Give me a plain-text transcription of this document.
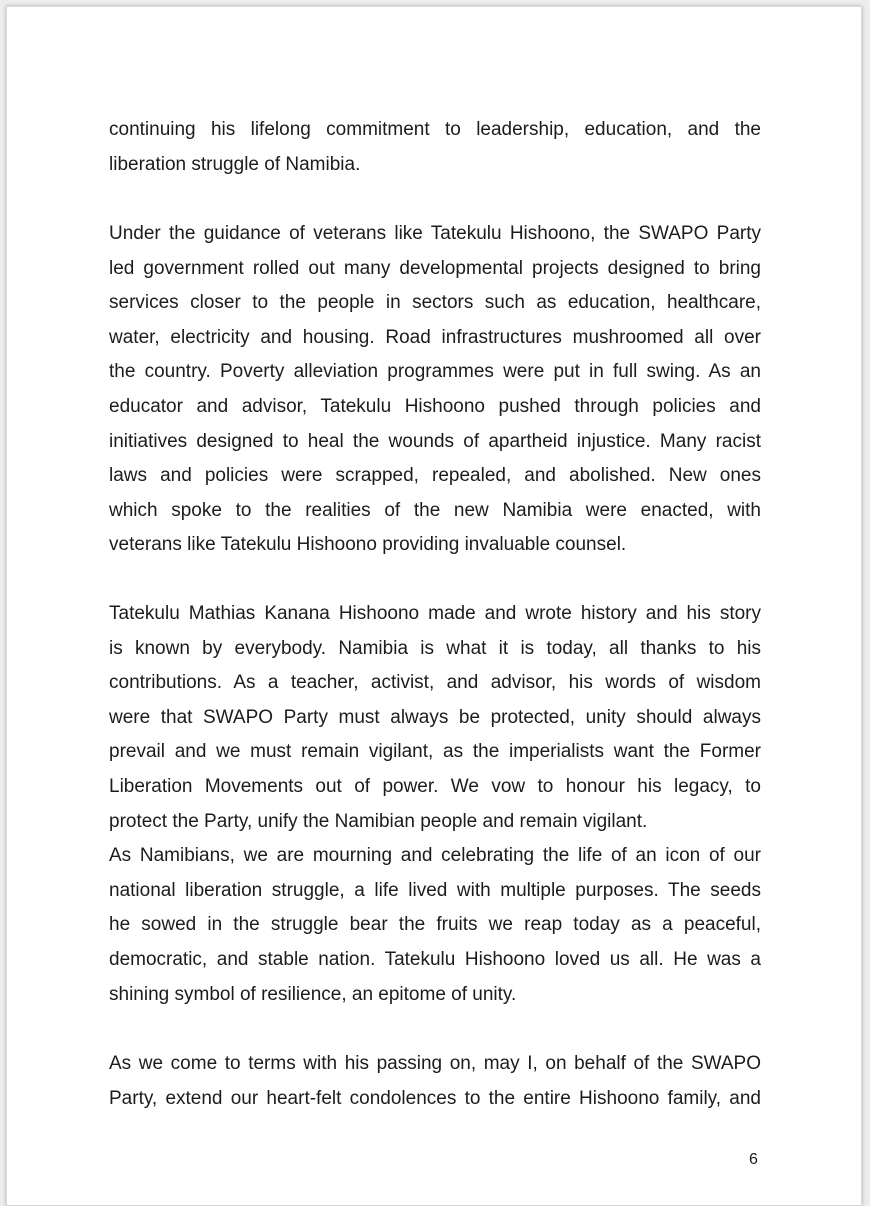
continuing his lifelong commitment to leadership, education, and the
liberation struggle of Namibia.
Under the guidance of veterans like Tatekulu Hishoono, the SWAPO Party
led government rolled out many developmental projects designed to bring
services closer to the people in sectors such as education, healthcare,
water, electricity and housing. Road infrastructures mushroomed all over
the country. Poverty alleviation programmes were put in full swing. As an
educator and advisor, Tatekulu Hishoono pushed through policies and
initiatives designed to heal the wounds of apartheid injustice. Many racist
laws and policies were scrapped, repealed, and abolished. New ones
which spoke to the realities of the new Namibia were enacted, with
veterans like Tatekulu Hishoono providing invaluable counsel.
Tatekulu Mathias Kanana Hishoono made and wrote history and his story
is known by everybody. Namibia is what it is today, all thanks to his
contributions. As a teacher, activist, and advisor, his words of wisdom
were that SWAPO Party must always be protected, unity should always
prevail and we must remain vigilant, as the imperialists want the Former
Liberation Movements out of power. We vow to honour his legacy, to
protect the Party, unify the Namibian people and remain vigilant.
As Namibians, we are mourning and celebrating the life of an icon of our
national liberation struggle, a life lived with multiple purposes. The seeds
he sowed in the struggle bear the fruits we reap today as a peaceful,
democratic, and stable nation. Tatekulu Hishoono loved us all. He was a
shining symbol of resilience, an epitome of unity.
As we come to terms with his passing on, may I, on behalf of the SWAPO
Party, extend our heart-felt condolences to the entire Hishoono family, and
6
